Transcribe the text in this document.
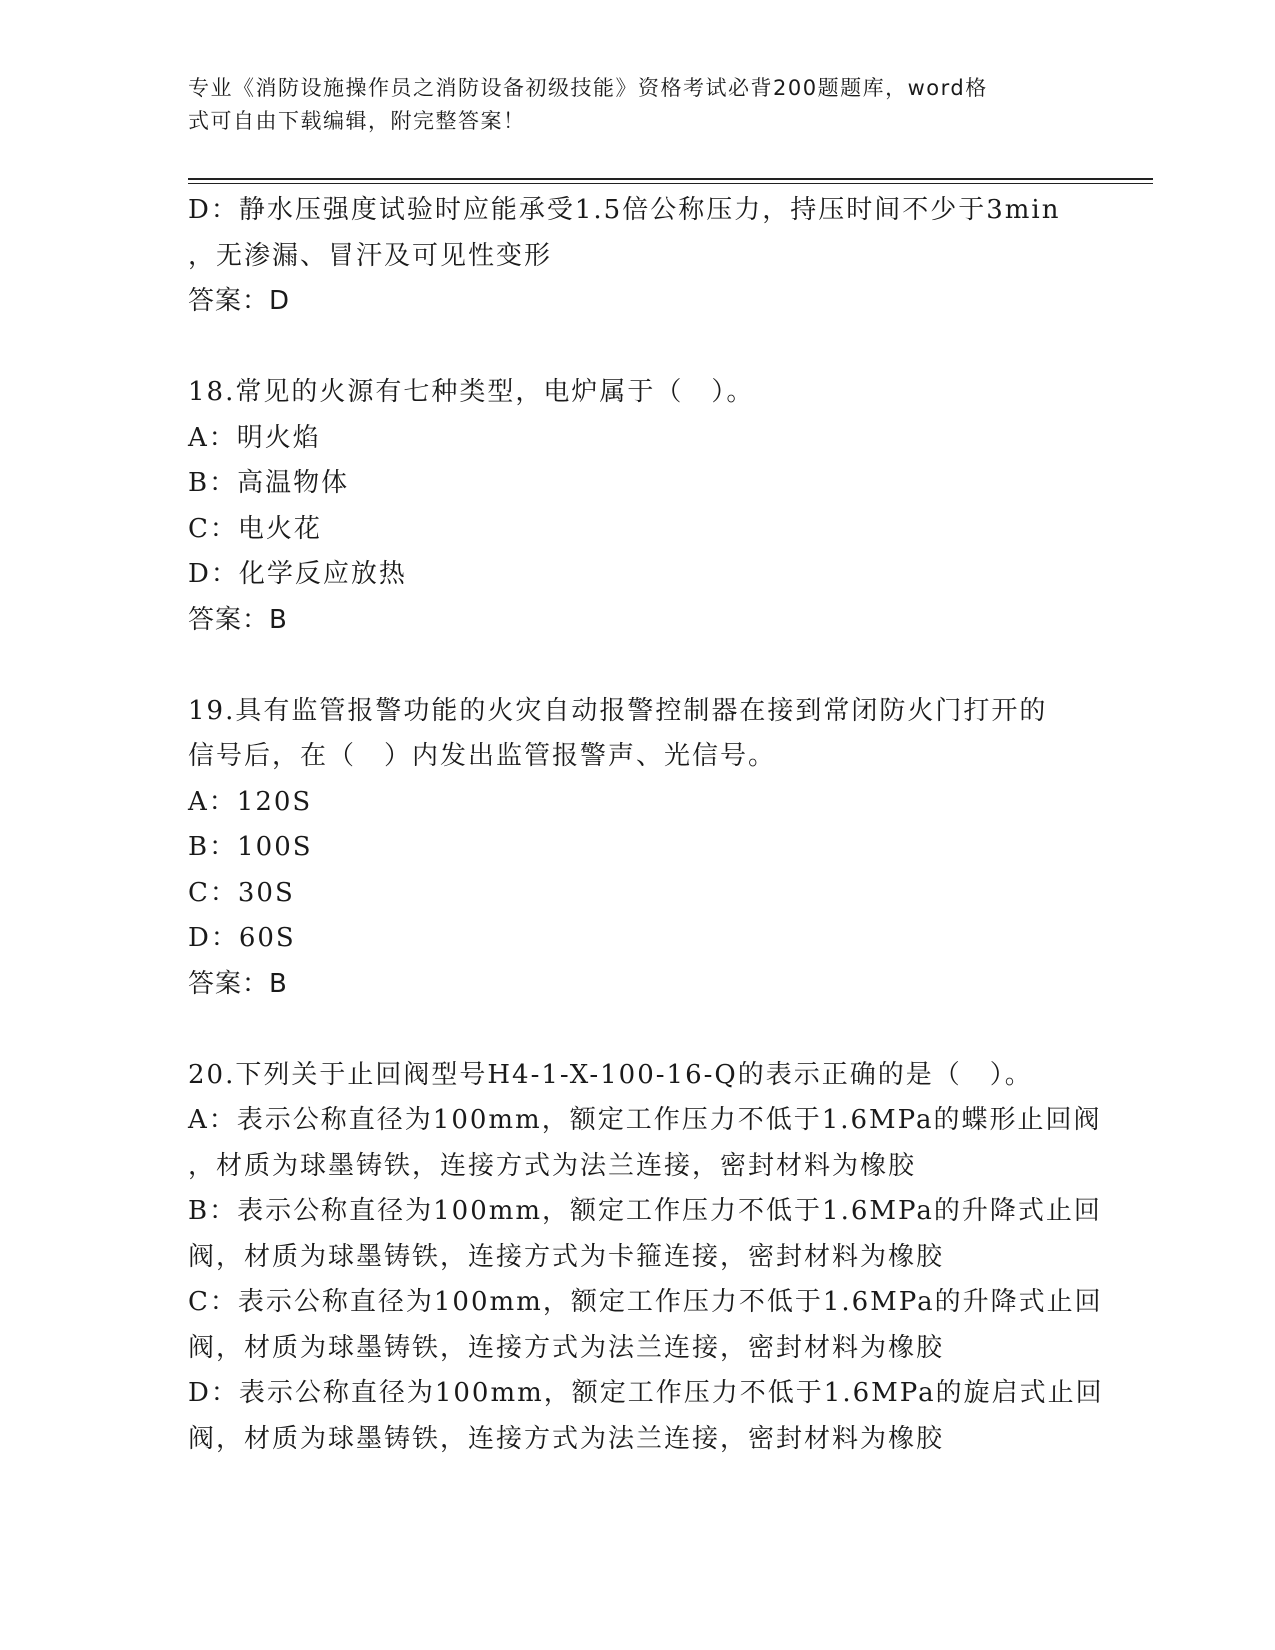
专业《消防设施操作员之消防设备初级技能》资格考试必背200题题库，word格
式可自由下载编辑，附完整答案！
D：静水压强度试验时应能承受1.5倍公称压力，持压时间不少于3min
，无渗漏、冒汗及可见性变形
答案：D
18.常见的火源有七种类型，电炉属于（　）。
A：明火焰
B：高温物体
C：电火花
D：化学反应放热
答案：B
19.具有监管报警功能的火灾自动报警控制器在接到常闭防火门打开的
信号后，在（　）内发出监管报警声、光信号。
A：120S
B：100S
C：30S
D：60S
答案：B
20.下列关于止回阀型号H4-1-X-100-16-Q的表示正确的是（　）。
A：表示公称直径为100mm，额定工作压力不低于1.6MPa的蝶形止回阀
，材质为球墨铸铁，连接方式为法兰连接，密封材料为橡胶
B：表示公称直径为100mm，额定工作压力不低于1.6MPa的升降式止回
阀，材质为球墨铸铁，连接方式为卡箍连接，密封材料为橡胶
C：表示公称直径为100mm，额定工作压力不低于1.6MPa的升降式止回
阀，材质为球墨铸铁，连接方式为法兰连接，密封材料为橡胶
D：表示公称直径为100mm，额定工作压力不低于1.6MPa的旋启式止回
阀，材质为球墨铸铁，连接方式为法兰连接，密封材料为橡胶
